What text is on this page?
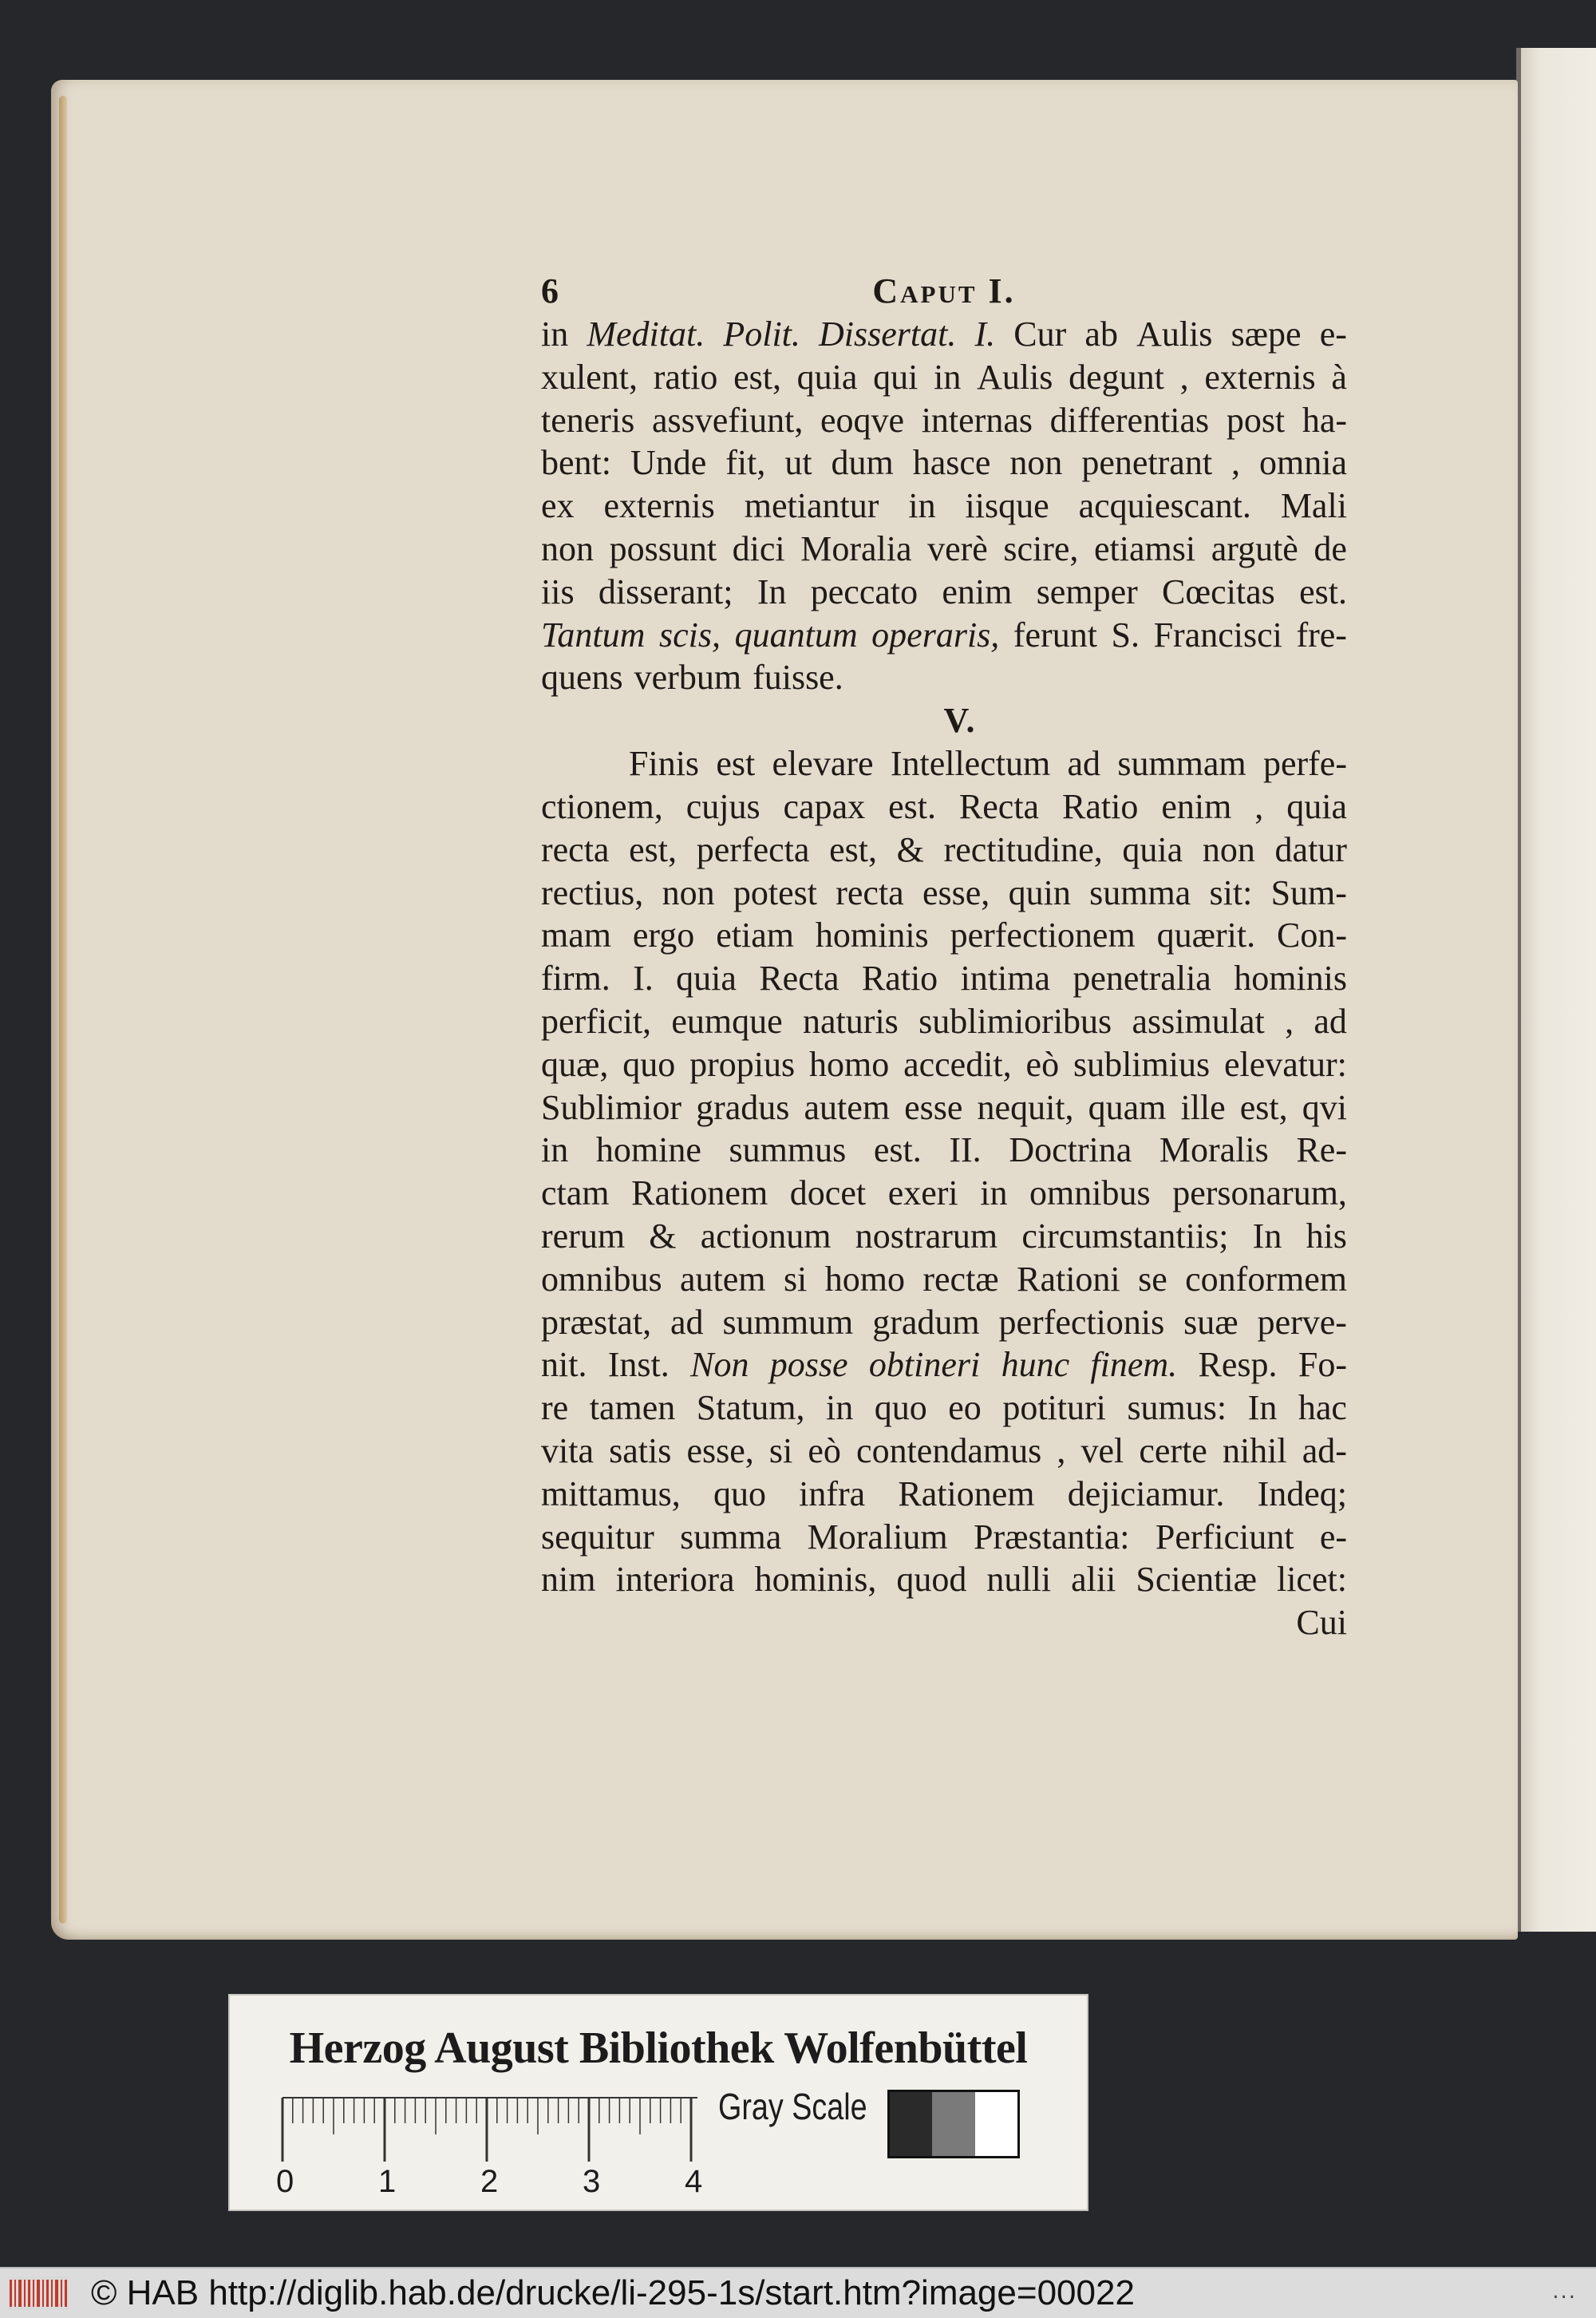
6	Caput I.
in Meditat. Polit. Dissertat. I. Cur ab Aulis sæpe e-
xulent, ratio est, quia qui in Aulis degunt , externis à
teneris assvefiunt, eoqve internas differentias post ha-
bent: Unde fit, ut dum hasce non penetrant , omnia
ex externis metiantur in iisque acquiescant. Mali
non possunt dici Moralia verè scire, etiamsi argutè de
iis disserant; In peccato enim semper Cœcitas est.
Tantum scis, quantum operaris, ferunt S. Francisci fre-
quens verbum fuisse.
V.
Finis est elevare Intellectum ad summam perfe-
ctionem, cujus capax est. Recta Ratio enim , quia
recta est, perfecta est, & rectitudine, quia non datur
rectius, non potest recta esse, quin summa sit: Sum-
mam ergo etiam hominis perfectionem quærit. Con-
firm. I. quia Recta Ratio intima penetralia hominis
perficit, eumque naturis sublimioribus assimulat , ad
quæ, quo propius homo accedit, eò sublimius elevatur:
Sublimior gradus autem esse nequit, quam ille est, qvi
in homine summus est. II. Doctrina Moralis Re-
ctam Rationem docet exeri in omnibus personarum,
rerum & actionum nostrarum circumstantiis; In his
omnibus autem si homo rectæ Rationi se conformem
præstat, ad summum gradum perfectionis suæ perve-
nit. Inst. Non posse obtineri hunc finem. Resp. Fo-
re tamen Statum, in quo eo potituri sumus: In hac
vita satis esse, si eò contendamus , vel certe nihil ad-
mittamus, quo infra Rationem dejiciamur. Indeq;
sequitur summa Moralium Præstantia: Perficiunt e-
nim interiora hominis, quod nulli alii Scientiæ licet:
Cui
Herzog August Bibliothek Wolfenbüttel
0	1	2	3	4
Gray Scale
© HAB http://diglib.hab.de/drucke/li-295-1s/start.htm?image=00022	...
